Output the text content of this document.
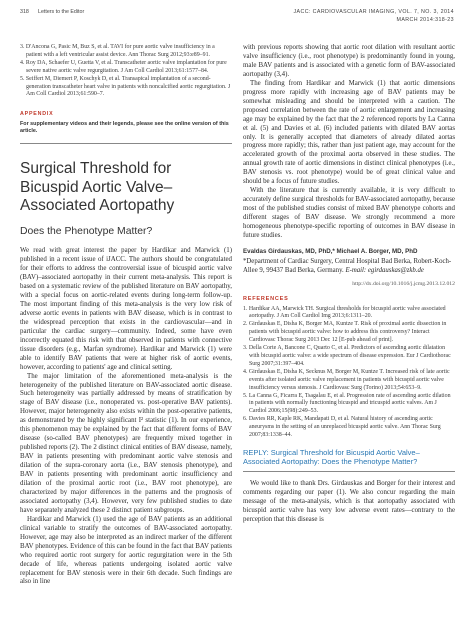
318 Letters to the Editor	JACC: CARDIOVASCULAR IMAGING, VOL. 7, NO. 3, 2014
MARCH 2014:318-23

3. D'Ancona G, Pasic M, Buz S, et al. TAVI for pure aortic valve insufficiency in a patient with a left ventricular assist device. Ann Thorac Surg 2012;93:e89–91.

4. Roy DA, Schaefer U, Guetta V, et al. Transcatheter aortic valve implantation for pure severe native aortic valve regurgitation. J Am Coll Cardiol 2013;61:1577–84.

5. Seiffert M, Diemert P, Koschyk D, et al. Transapical implantation of a second-generation transcatheter heart valve in patients with noncalcified aortic regurgitation. J Am Coll Cardiol 2013;61:590–7.

APPENDIX
For supplementary videos and their legends, please see the online version of this article.
Surgical Threshold for Bicuspid Aortic Valve–Associated Aortopathy
Does the Phenotype Matter?

We read with great interest the paper by Hardikar and Marwick (1) published in a recent issue of iJACC. The authors should be congratulated for their efforts to address the controversial issue of bicuspid aortic valve (BAV)–associated aortopathy in their current meta-analysis. This report is based on a systematic review of the published literature on BAV aortopathy, with a special focus on aortic-related events during long-term follow-up. The most important finding of this meta-analysis is the very low risk of adverse aortic events in patients with BAV disease, which is in contrast to the widespread perception that exists in the cardiovascular—and in particular the cardiac surgery—community. Indeed, some have even incorrectly equated this risk with that observed in patients with connective tissue disorders (e.g., Marfan syndrome). Hardikar and Marwick (1) were able to identify BAV patients that were at higher risk of aortic events, however, according to patients' age and clinical setting.

The major limitation of the aforementioned meta-analysis is the heterogeneity of the published literature on BAV-associated aortic disease. Such heterogeneity was partially addressed by means of stratification by stage of BAV disease (i.e., nonoperated vs. post-operative BAV patients). However, major heterogeneity also exists within the post-operative patients, as demonstrated by the highly significant I² statistic (1). In our experience, this phenomenon may be explained by the fact that different forms of BAV disease (so-called BAV phenotypes) are frequently mixed together in published reports (2). The 2 distinct clinical entities of BAV disease, namely, BAV in patients presenting with predominant aortic valve stenosis and dilation of the supra-coronary aorta (i.e., BAV stenosis phenotype), and BAV in patients presenting with predominant aortic insufficiency and dilation of the proximal aortic root (i.e., BAV root phenotype), are characterized by major differences in the patterns and the prognosis of associated aortopathy (3,4). However, very few published studies to date have separately analyzed these 2 distinct patient subgroups.

Hardikar and Marwick (1) used the age of BAV patients as an additional clinical variable to stratify the outcomes of BAV-associated aortopathy. However, age may also be interpreted as an indirect marker of the different BAV phenotypes. Evidence of this can be found in the fact that BAV patients who required aortic root surgery for aortic regurgitation were in the 5th decade of life, whereas patients undergoing isolated aortic valve replacement for BAV stenosis were in their 6th decade. Such findings are also in line

with previous reports showing that aortic root dilation with resultant aortic valve insufficiency (i.e., root phenotype) is predominantly found in young, male BAV patients and is associated with a genetic form of BAV-associated aortopathy (3,4).

The finding from Hardikar and Marwick (1) that aortic dimensions progress more rapidly with increasing age of BAV patients may be somewhat misleading and should be interpreted with a caution. The proposed correlation between the rate of aortic enlargement and increasing age may be explained by the fact that the 2 referenced reports by La Canna et al. (5) and Davies et al. (6) included patients with dilated BAV aortas only. It is generally accepted that diameters of already dilated aortas progress more rapidly; this, rather than just patient age, may account for the accelerated growth of the proximal aorta observed in these studies. The annual growth rate of aortic dimensions in distinct clinical phenotypes (i.e., BAV stenosis vs. root phenotype) would be of great clinical value and should be a focus of future studies.

With the literature that is currently available, it is very difficult to accurately define surgical thresholds for BAV-associated aortopathy, because most of the published studies consist of mixed BAV phenotype cohorts and different stages of BAV disease. We strongly recommend a more homogeneous phenotype-specific reporting of outcomes in BAV disease in future studies.

Evaldas Girdauskas, MD, PhD,* Michael A. Borger, MD, PhD
*Department of Cardiac Surgery, Central Hospital Bad Berka, Robert-Koch-Allee 9, 99437 Bad Berka, Germany. E-mail: egirdauskas@zkb.de
http://dx.doi.org/10.1016/j.jcmg.2013.12.012
REFERENCES

1. Hardikar AA, Marwick TH. Surgical thresholds for bicuspid aortic valve associated aortopathy. J Am Coll Cardiol Img 2013;6:1311–20.

2. Girdauskas E, Disha K, Borger MA, Kuntze T. Risk of proximal aortic dissection in patients with bicuspid aortic valve: how to address this controversy? Interact Cardiovasc Thorac Surg 2013 Dec 12 [E-pub ahead of print].

3. Della Corte A, Bancone C, Quarto C, et al. Predictors of ascending aortic dilatation with bicuspid aortic valve: a wide spectrum of disease expression. Eur J Cardiothorac Surg 2007;31:397–404.

4. Girdauskas E, Disha K, Secknus M, Borger M, Kuntze T. Increased risk of late aortic events after isolated aortic valve replacement in patients with bicuspid aortic valve insufficiency versus stenosis. J Cardiovasc Surg (Torino) 2013;54:653–9.

5. La Canna G, Ficarra E, Tsagalau E, et al. Progression rate of ascending aortic dilation in patients with normally functioning bicuspid and tricuspid aortic valves. Am J Cardiol 2006;15(98):249–53.

6. Davies RR, Kaple RK, Mandapati D, et al. Natural history of ascending aortic aneurysms in the setting of an unreplaced bicuspid aortic valve. Ann Thorac Surg 2007;83:1338–44.

REPLY: Surgical Threshold for Bicuspid Aortic Valve–Associated Aortopathy: Does the Phenotype Matter?

We would like to thank Drs. Girdauskas and Borger for their interest and comments regarding our paper (1). We also concur regarding the main message of the meta-analysis, which is that aortopathy associated with bicuspid aortic valve has very low adverse event rates—contrary to the perception that this disease is
